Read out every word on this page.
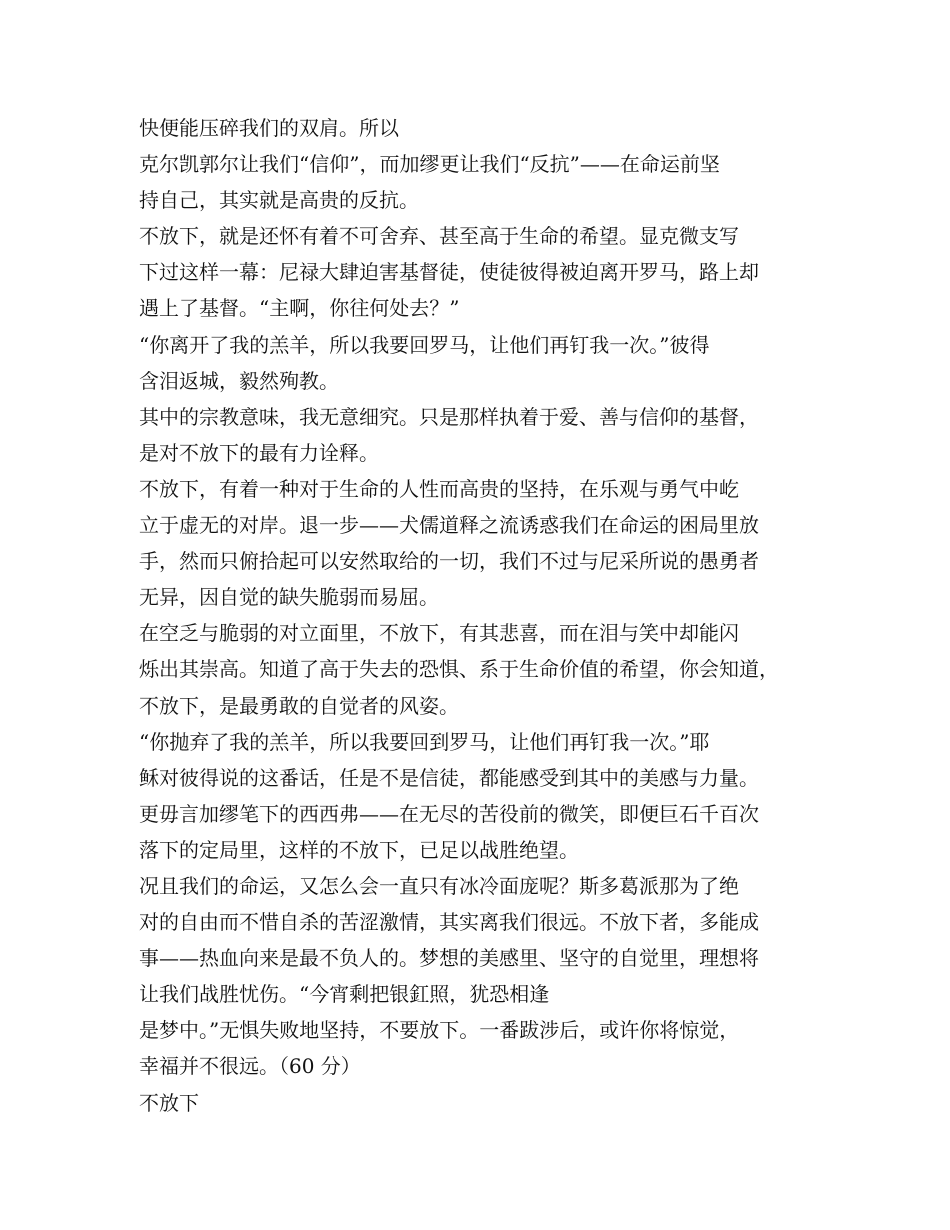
快便能压碎我们的双肩。所以
克尔凯郭尔让我们“信仰”，而加缪更让我们“反抗”——在命运前坚
持自己，其实就是高贵的反抗。
不放下，就是还怀有着不可舍弃、甚至高于生命的希望。显克微支写
下过这样一幕：尼禄大肆迫害基督徒，使徒彼得被迫离开罗马，路上却
遇上了基督。“主啊，你往何处去？”
“你离开了我的羔羊，所以我要回罗马，让他们再钉我一次。”彼得
含泪返城，毅然殉教。
其中的宗教意味，我无意细究。只是那样执着于爱、善与信仰的基督，
是对不放下的最有力诠释。
不放下，有着一种对于生命的人性而高贵的坚持，在乐观与勇气中屹
立于虚无的对岸。退一步——犬儒道释之流诱惑我们在命运的困局里放
手，然而只俯拾起可以安然取给的一切，我们不过与尼采所说的愚勇者
无异，因自觉的缺失脆弱而易屈。
在空乏与脆弱的对立面里，不放下，有其悲喜，而在泪与笑中却能闪
烁出其崇高。知道了高于失去的恐惧、系于生命价值的希望，你会知道，
不放下，是最勇敢的自觉者的风姿。
“你抛弃了我的羔羊，所以我要回到罗马，让他们再钉我一次。”耶
稣对彼得说的这番话，任是不是信徒，都能感受到其中的美感与力量。
更毋言加缪笔下的西西弗——在无尽的苦役前的微笑，即便巨石千百次
落下的定局里，这样的不放下，已足以战胜绝望。
况且我们的命运，又怎么会一直只有冰冷面庞呢？斯多葛派那为了绝
对的自由而不惜自杀的苦涩激情，其实离我们很远。不放下者，多能成
事——热血向来是最不负人的。梦想的美感里、坚守的自觉里，理想将
让我们战胜忧伤。“今宵剩把银釭照，犹恐相逢
是梦中。”无惧失败地坚持，不要放下。一番跋涉后，或许你将惊觉，
幸福并不很远。（60 分）
不放下
